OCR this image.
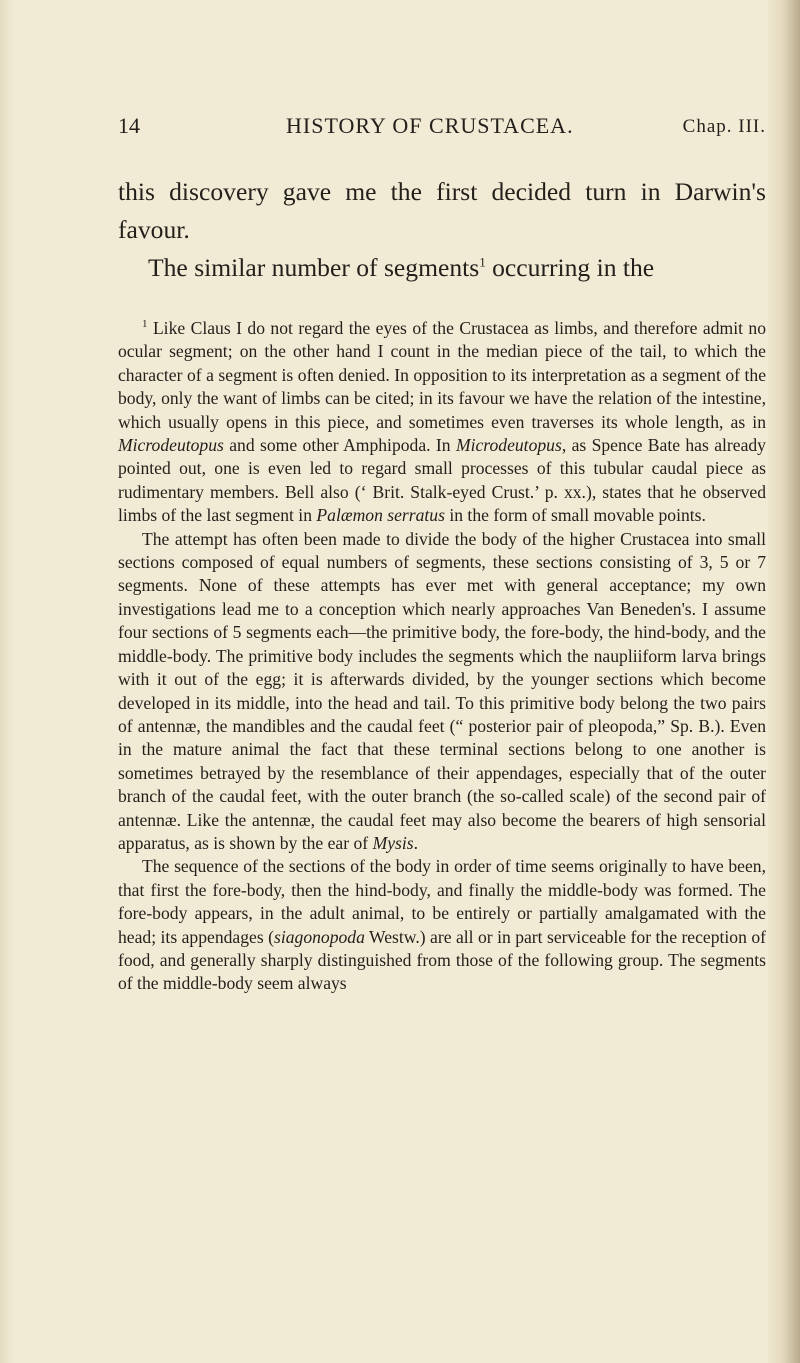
14	HISTORY OF CRUSTACEA.	Chap. III.

this discovery gave me the first decided turn in Darwin's favour.

The similar number of segments$^1$ occurring in the

$^1$ Like Claus I do not regard the eyes of the Crustacea as limbs, and therefore admit no ocular segment; on the other hand I count in the median piece of the tail, to which the character of a segment is often denied. In opposition to its interpretation as a segment of the body, only the want of limbs can be cited; in its favour we have the relation of the intestine, which usually opens in this piece, and sometimes even traverses its whole length, as in Microdeutopus and some other Amphipoda. In Microdeutopus, as Spence Bate has already pointed out, one is even led to regard small processes of this tubular caudal piece as rudimentary members. Bell also (‘ Brit. Stalk-eyed Crust.’ p. xx.), states that he observed limbs of the last segment in Palæmon serratus in the form of small movable points.

The attempt has often been made to divide the body of the higher Crustacea into small sections composed of equal numbers of segments, these sections consisting of 3, 5 or 7 segments. None of these attempts has ever met with general acceptance; my own investigations lead me to a conception which nearly approaches Van Beneden's. I assume four sections of 5 segments each—the primitive body, the fore-body, the hind-body, and the middle-body. The primitive body includes the segments which the naupliiform larva brings with it out of the egg; it is afterwards divided, by the younger sections which become developed in its middle, into the head and tail. To this primitive body belong the two pairs of antennæ, the mandibles and the caudal feet (“ posterior pair of pleopoda,” Sp. B.). Even in the mature animal the fact that these terminal sections belong to one another is sometimes betrayed by the resemblance of their appendages, especially that of the outer branch of the caudal feet, with the outer branch (the so-called scale) of the second pair of antennæ. Like the antennæ, the caudal feet may also become the bearers of high sensorial apparatus, as is shown by the ear of Mysis.

The sequence of the sections of the body in order of time seems originally to have been, that first the fore-body, then the hind-body, and finally the middle-body was formed. The fore-body appears, in the adult animal, to be entirely or partially amalgamated with the head; its appendages (siagonopoda Westw.) are all or in part serviceable for the reception of food, and generally sharply distinguished from those of the following group. The segments of the middle-body seem always
